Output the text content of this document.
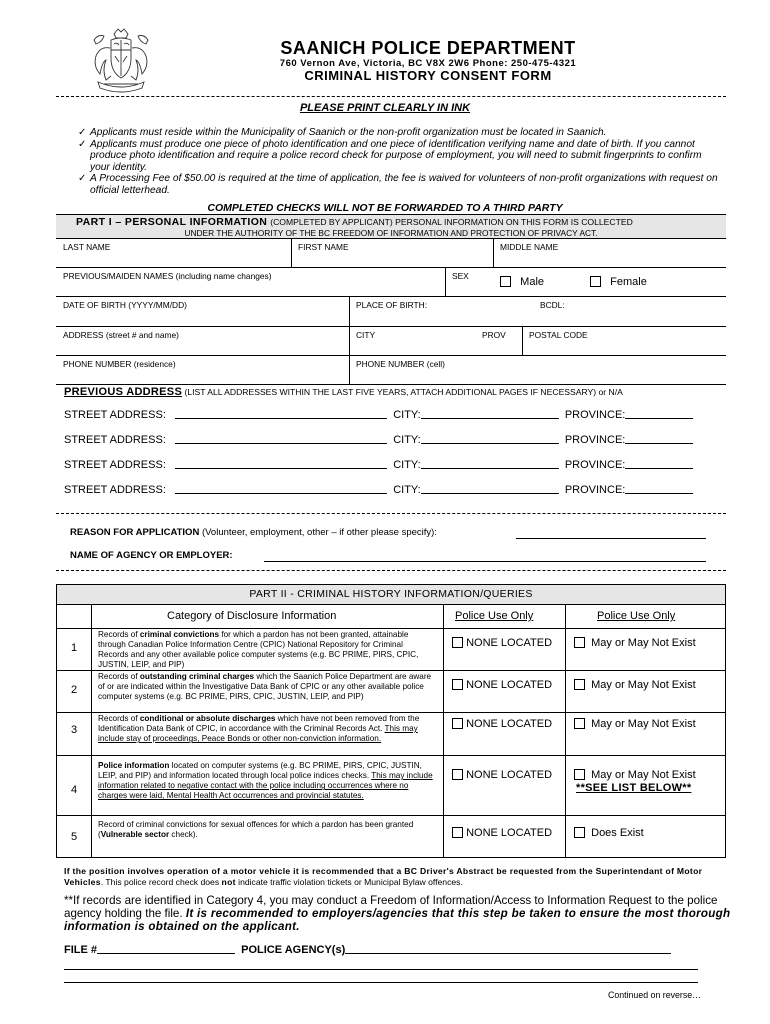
SAANICH POLICE DEPARTMENT
760 Vernon Ave, Victoria, BC V8X 2W6 Phone: 250-475-4321
CRIMINAL HISTORY CONSENT FORM
PLEASE PRINT CLEARLY IN INK
✓ Applicants must reside within the Municipality of Saanich or the non-profit organization must be located in Saanich.
✓ Applicants must produce one piece of photo identification and one piece of identification verifying name and date of birth. If you cannot produce photo identification and require a police record check for purpose of employment, you will need to submit fingerprints to confirm your identity.
✓ A Processing Fee of $50.00 is required at the time of application, the fee is waived for volunteers of non-profit organizations with request on official letterhead.
COMPLETED CHECKS WILL NOT BE FORWARDED TO A THIRD PARTY
PART I – PERSONAL INFORMATION (COMPLETED BY APPLICANT) PERSONAL INFORMATION ON THIS FORM IS COLLECTED
UNDER THE AUTHORITY OF THE BC FREEDOM OF INFORMATION AND PROTECTION OF PRIVACY ACT.
LAST NAME	FIRST NAME	MIDDLE NAME
PREVIOUS/MAIDEN NAMES (including name changes)	SEX	Male	Female
DATE OF BIRTH (YYYY/MM/DD)	PLACE OF BIRTH:	BCDL:
ADDRESS (street # and name)	CITY	PROV	POSTAL CODE
PHONE NUMBER (residence)	PHONE NUMBER (cell)
PREVIOUS ADDRESS (LIST ALL ADDRESSES WITHIN THE LAST FIVE YEARS, ATTACH ADDITIONAL PAGES IF NECESSARY) or N/A
STREET ADDRESS:	CITY:	PROVINCE:
STREET ADDRESS:	CITY:	PROVINCE:
STREET ADDRESS:	CITY:	PROVINCE:
STREET ADDRESS:	CITY:	PROVINCE:
REASON FOR APPLICATION (Volunteer, employment, other – if other please specify):
NAME OF AGENCY OR EMPLOYER:
PART II - CRIMINAL HISTORY INFORMATION/QUERIES
Category of Disclosure Information	Police Use Only	Police Use Only
1
Records of criminal convictions for which a pardon has not been granted, attainable through Canadian Police Information Centre (CPIC) National Repository for Criminal Records and any other available police computer systems (e.g. BC PRIME, PIRS, CPIC, JUSTIN, LEIP, and PIP)
NONE LOCATED	May or May Not Exist
2
Records of outstanding criminal charges which the Saanich Police Department are aware of or are indicated within the Investigative Data Bank of CPIC or any other available police computer systems (e.g. BC PRIME, PIRS, CPIC, JUSTIN, LEIP, and PIP)
NONE LOCATED	May or May Not Exist
3
Records of conditional or absolute discharges which have not been removed from the Identification Data Bank of CPIC, in accordance with the Criminal Records Act. This may include stay of proceedings, Peace Bonds or other non-conviction information.
NONE LOCATED	May or May Not Exist
4
Police information located on computer systems (e.g. BC PRIME, PIRS, CPIC, JUSTIN, LEIP, and PIP) and information located through local police indices checks. This may include information related to negative contact with the police including occurrences where no charges were laid, Mental Health Act occurrences and provincial statutes.
NONE LOCATED	May or May Not Exist
**SEE LIST BELOW**
5
Record of criminal convictions for sexual offences for which a pardon has been granted (Vulnerable sector check).	NONE LOCATED	Does Exist
If the position involves operation of a motor vehicle it is recommended that a BC Driver's Abstract be requested from the Superintendant of Motor Vehicles. This police record check does not indicate traffic violation tickets or Municipal Bylaw offences.
**If records are identified in Category 4, you may conduct a Freedom of Information/Access to Information Request to the police agency holding the file. It is recommended to employers/agencies that this step be taken to ensure the most thorough information is obtained on the applicant.
FILE #	POLICE AGENCY(s)
Continued on reverse…
